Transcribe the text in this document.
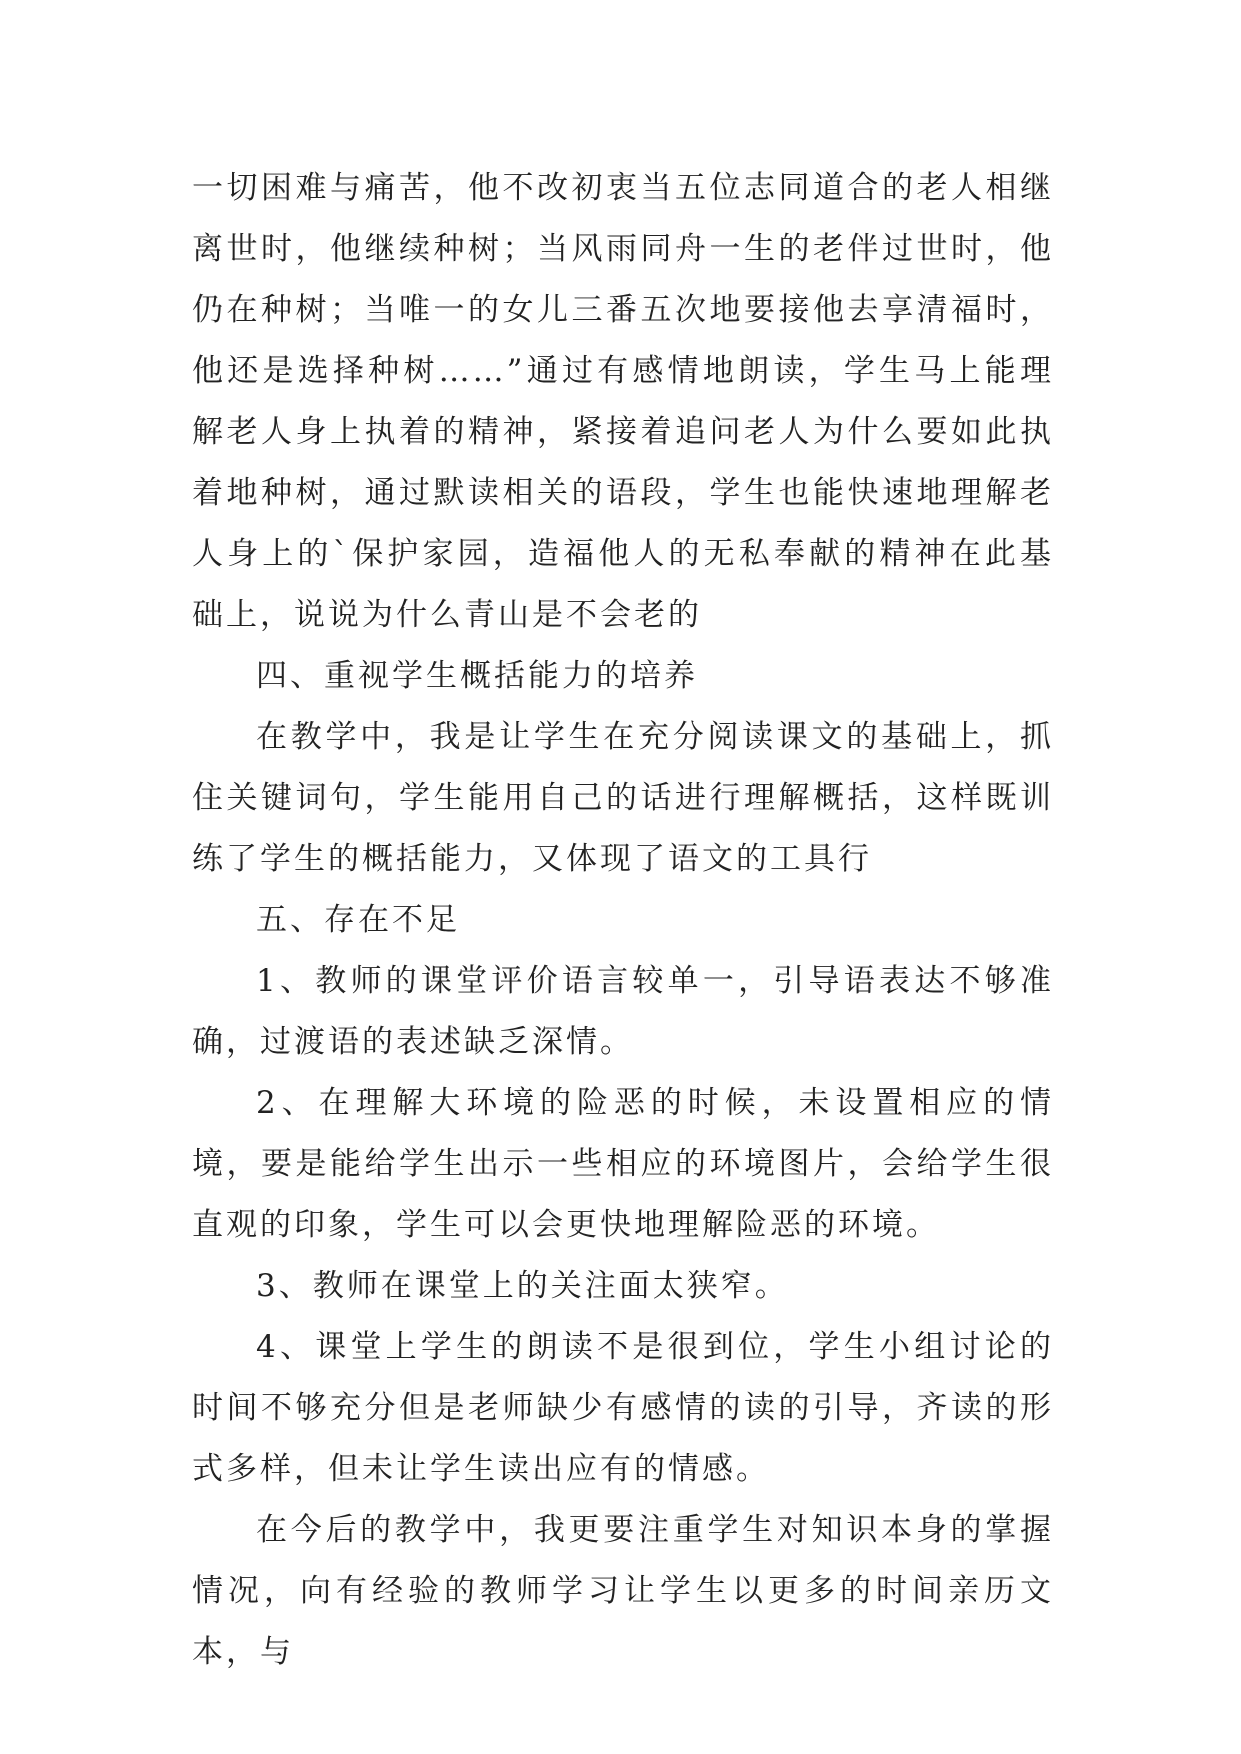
一切困难与痛苦，他不改初衷当五位志同道合的老人相继离世时，他继续种树；当风雨同舟一生的老伴过世时，他仍在种树；当唯一的女儿三番五次地要接他去享清福时，他还是选择种树……”通过有感情地朗读，学生马上能理解老人身上执着的精神，紧接着追问老人为什么要如此执着地种树，通过默读相关的语段，学生也能快速地理解老人身上的`保护家园，造福他人的无私奉献的精神在此基础上，说说为什么青山是不会老的

四、重视学生概括能力的培养

在教学中，我是让学生在充分阅读课文的基础上，抓住关键词句，学生能用自己的话进行理解概括，这样既训练了学生的概括能力，又体现了语文的工具行

五、存在不足

1、教师的课堂评价语言较单一，引导语表达不够准确，过渡语的表述缺乏深情。

2、在理解大环境的险恶的时候，未设置相应的情境，要是能给学生出示一些相应的环境图片，会给学生很直观的印象，学生可以会更快地理解险恶的环境。

3、教师在课堂上的关注面太狭窄。

4、课堂上学生的朗读不是很到位，学生小组讨论的时间不够充分但是老师缺少有感情的读的引导，齐读的形式多样，但未让学生读出应有的情感。

在今后的教学中，我更要注重学生对知识本身的掌握情况，向有经验的教师学习让学生以更多的时间亲历文本，与
